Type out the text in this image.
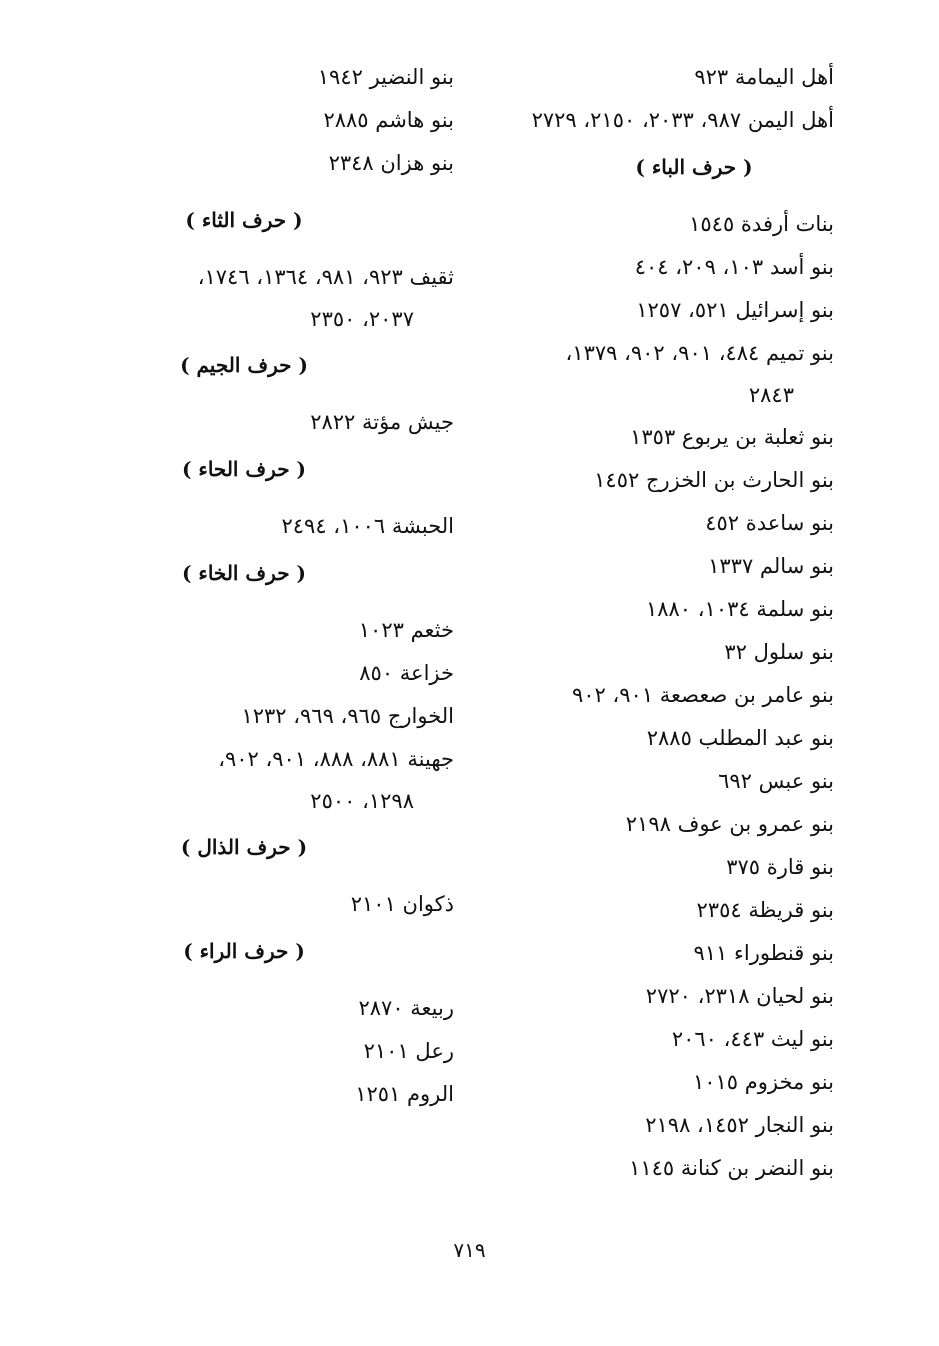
أهل اليمامة ٩٢٣
أهل اليمن ٩٨٧، ٢٠٣٣، ٢١٥٠، ٢٧٢٩
( حرف الباء )
بنات أرفدة ١٥٤٥
بنو أسد ١٠٣، ٢٠٩، ٤٠٤
بنو إسرائيل ٥٢١، ١٢٥٧
بنو تميم ٤٨٤، ٩٠١، ٩٠٢، ١٣٧٩،
٢٨٤٣
بنو ثعلبة بن يربوع ١٣٥٣
بنو الحارث بن الخزرج ١٤٥٢
بنو ساعدة ٤٥٢
بنو سالم ١٣٣٧
بنو سلمة ١٠٣٤، ١٨٨٠
بنو سلول ٣٢
بنو عامر بن صعصعة ٩٠١، ٩٠٢
بنو عبد المطلب ٢٨٨٥
بنو عبس ٦٩٢
بنو عمرو بن عوف ٢١٩٨
بنو قارة ٣٧٥
بنو قريظة ٢٣٥٤
بنو قنطوراء ٩١١
بنو لحيان ٢٣١٨، ٢٧٢٠
بنو ليث ٤٤٣، ٢٠٦٠
بنو مخزوم ١٠١٥
بنو النجار ١٤٥٢، ٢١٩٨
بنو النضر بن كنانة ١١٤٥
بنو النضير ١٩٤٢
بنو هاشم ٢٨٨٥
بنو هزان ٢٣٤٨
( حرف الثاء )
ثقيف ٩٢٣، ٩٨١، ١٣٦٤، ١٧٤٦،
٢٠٣٧، ٢٣٥٠
( حرف الجيم )
جيش مؤتة ٢٨٢٢
( حرف الحاء )
الحبشة ١٠٠٦، ٢٤٩٤
( حرف الخاء )
خثعم ١٠٢٣
خزاعة ٨٥٠
الخوارج ٩٦٥، ٩٦٩، ١٢٣٢
جهينة ٨٨١، ٨٨٨، ٩٠١، ٩٠٢،
١٢٩٨، ٢٥٠٠
( حرف الذال )
ذكوان ٢١٠١
( حرف الراء )
ربيعة ٢٨٧٠
رعل ٢١٠١
الروم ١٢٥١
٧١٩
